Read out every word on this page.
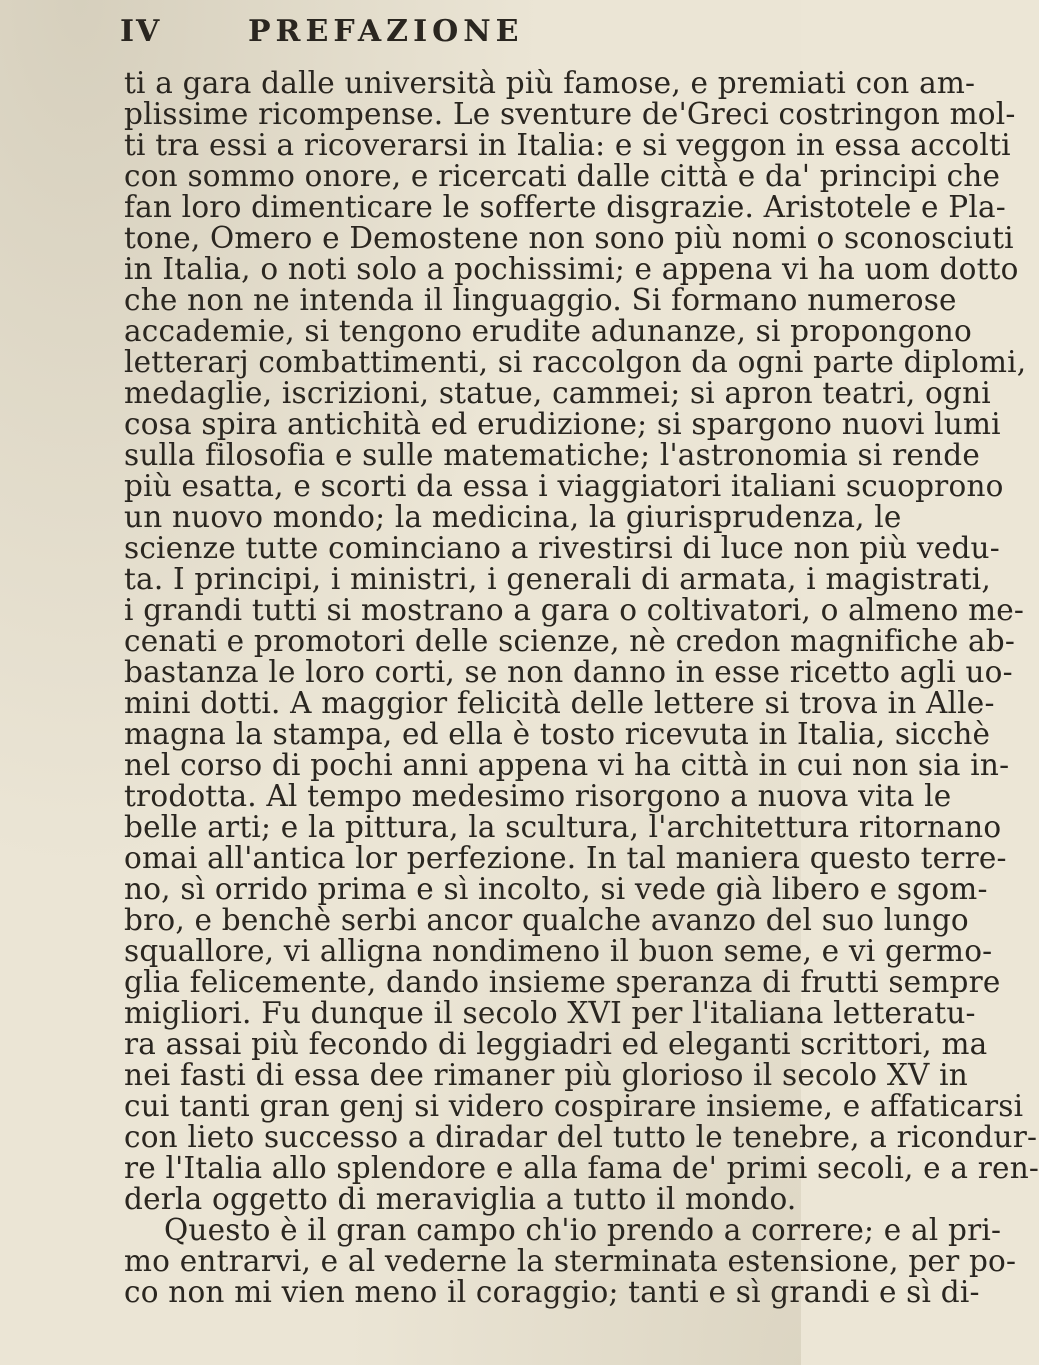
IV	PREFAZIONE
ti a gara dalle università più famose, e premiati con am-
plissime ricompense. Le sventure de'Greci costringon mol-
ti tra essi a ricoverarsi in Italia: e si veggon in essa accolti
con sommo onore, e ricercati dalle città e da' principi che
fan loro dimenticare le sofferte disgrazie. Aristotele e Pla-
tone, Omero e Demostene non sono più nomi o sconosciuti
in Italia, o noti solo a pochissimi; e appena vi ha uom dotto
che non ne intenda il linguaggio. Si formano numerose
accademie, si tengono erudite adunanze, si propongono
letterarj combattimenti, si raccolgon da ogni parte diplomi,
medaglie, iscrizioni, statue, cammei; si apron teatri, ogni
cosa spira antichità ed erudizione; si spargono nuovi lumi
sulla filosofia e sulle matematiche; l'astronomia si rende
più esatta, e scorti da essa i viaggiatori italiani scuoprono
un nuovo mondo; la medicina, la giurisprudenza, le
scienze tutte cominciano a rivestirsi di luce non più vedu-
ta. I principi, i ministri, i generali di armata, i magistrati,
i grandi tutti si mostrano a gara o coltivatori, o almeno me-
cenati e promotori delle scienze, nè credon magnifiche ab-
bastanza le loro corti, se non danno in esse ricetto agli uo-
mini dotti. A maggior felicità delle lettere si trova in Alle-
magna la stampa, ed ella è tosto ricevuta in Italia, sicchè
nel corso di pochi anni appena vi ha città in cui non sia in-
trodotta. Al tempo medesimo risorgono a nuova vita le
belle arti; e la pittura, la scultura, l'architettura ritornano
omai all'antica lor perfezione. In tal maniera questo terre-
no, sì orrido prima e sì incolto, si vede già libero e sgom-
bro, e benchè serbi ancor qualche avanzo del suo lungo
squallore, vi alligna nondimeno il buon seme, e vi germo-
glia felicemente, dando insieme speranza di frutti sempre
migliori. Fu dunque il secolo XVI per l'italiana letteratu-
ra assai più fecondo di leggiadri ed eleganti scrittori, ma
nei fasti di essa dee rimaner più glorioso il secolo XV in
cui tanti gran genj si videro cospirare insieme, e affaticarsi
con lieto successo a diradar del tutto le tenebre, a ricondur-
re l'Italia allo splendore e alla fama de' primi secoli, e a ren-
derla oggetto di meraviglia a tutto il mondo.
Questo è il gran campo ch'io prendo a correre; e al pri-
mo entrarvi, e al vederne la sterminata estensione, per po-
co non mi vien meno il coraggio; tanti e sì grandi e sì di-
